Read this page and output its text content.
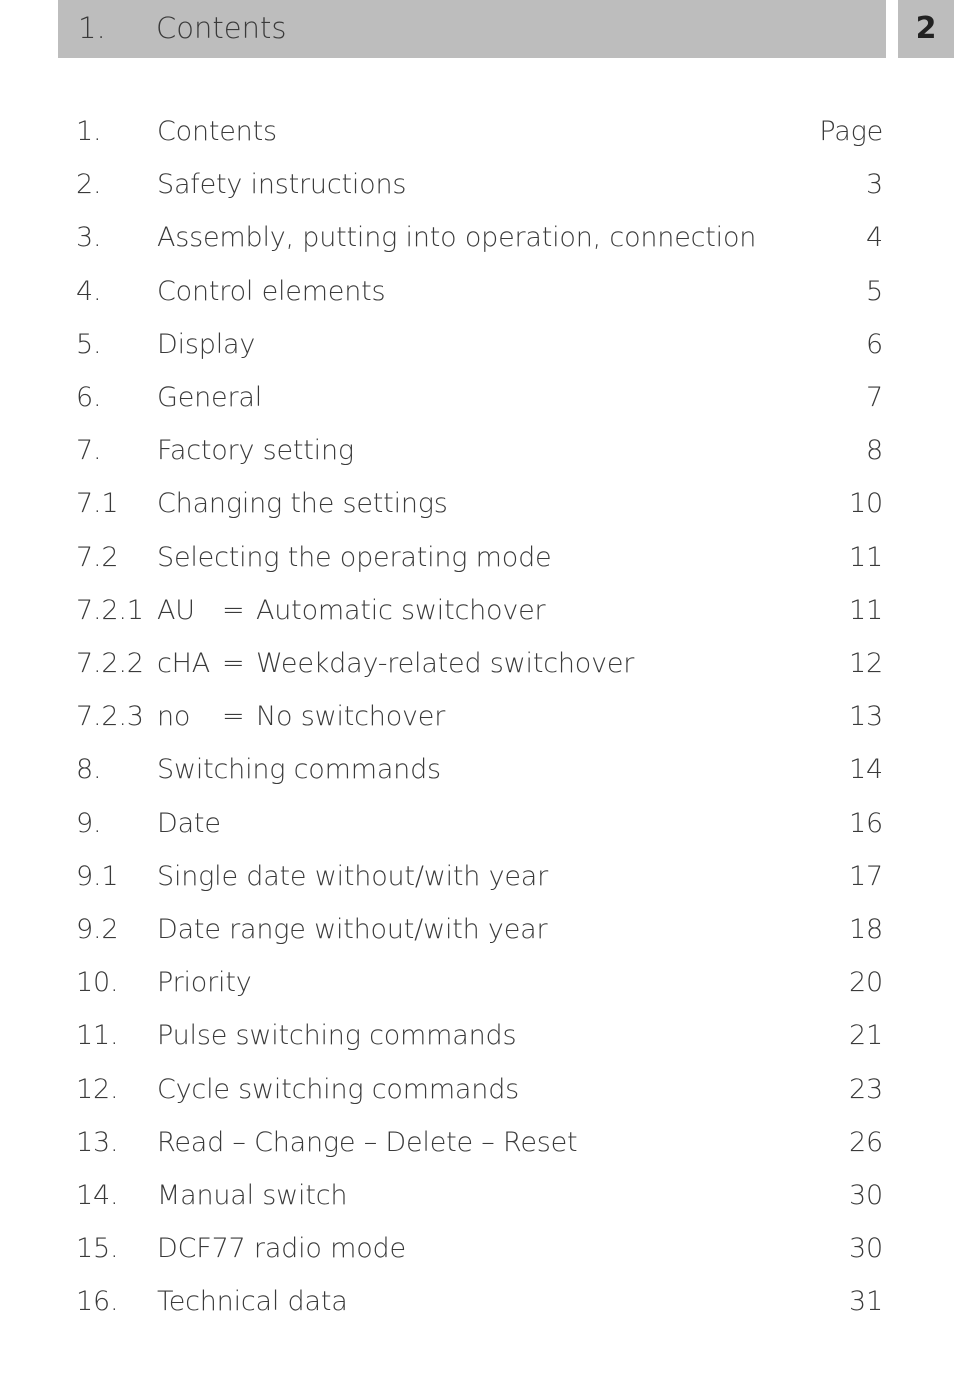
1. Contents	2
1. Contents	Page
2. Safety instructions	3
3. Assembly, putting into operation, connection	4
4. Control elements	5
5. Display	6
6. General	7
7. Factory setting	8
7.1 Changing the settings	10
7.2 Selecting the operating mode	11
7.2.1 AU = Automatic switchover	11
7.2.2 cHA = Weekday-related switchover	12
7.2.3 no = No switchover	13
8. Switching commands	14
9. Date	16
9.1 Single date without/with year	17
9.2 Date range without/with year	18
10. Priority	20
11. Pulse switching commands	21
12. Cycle switching commands	23
13. Read – Change – Delete – Reset	26
14. Manual switch	30
15. DCF77 radio mode	30
16. Technical data	31
